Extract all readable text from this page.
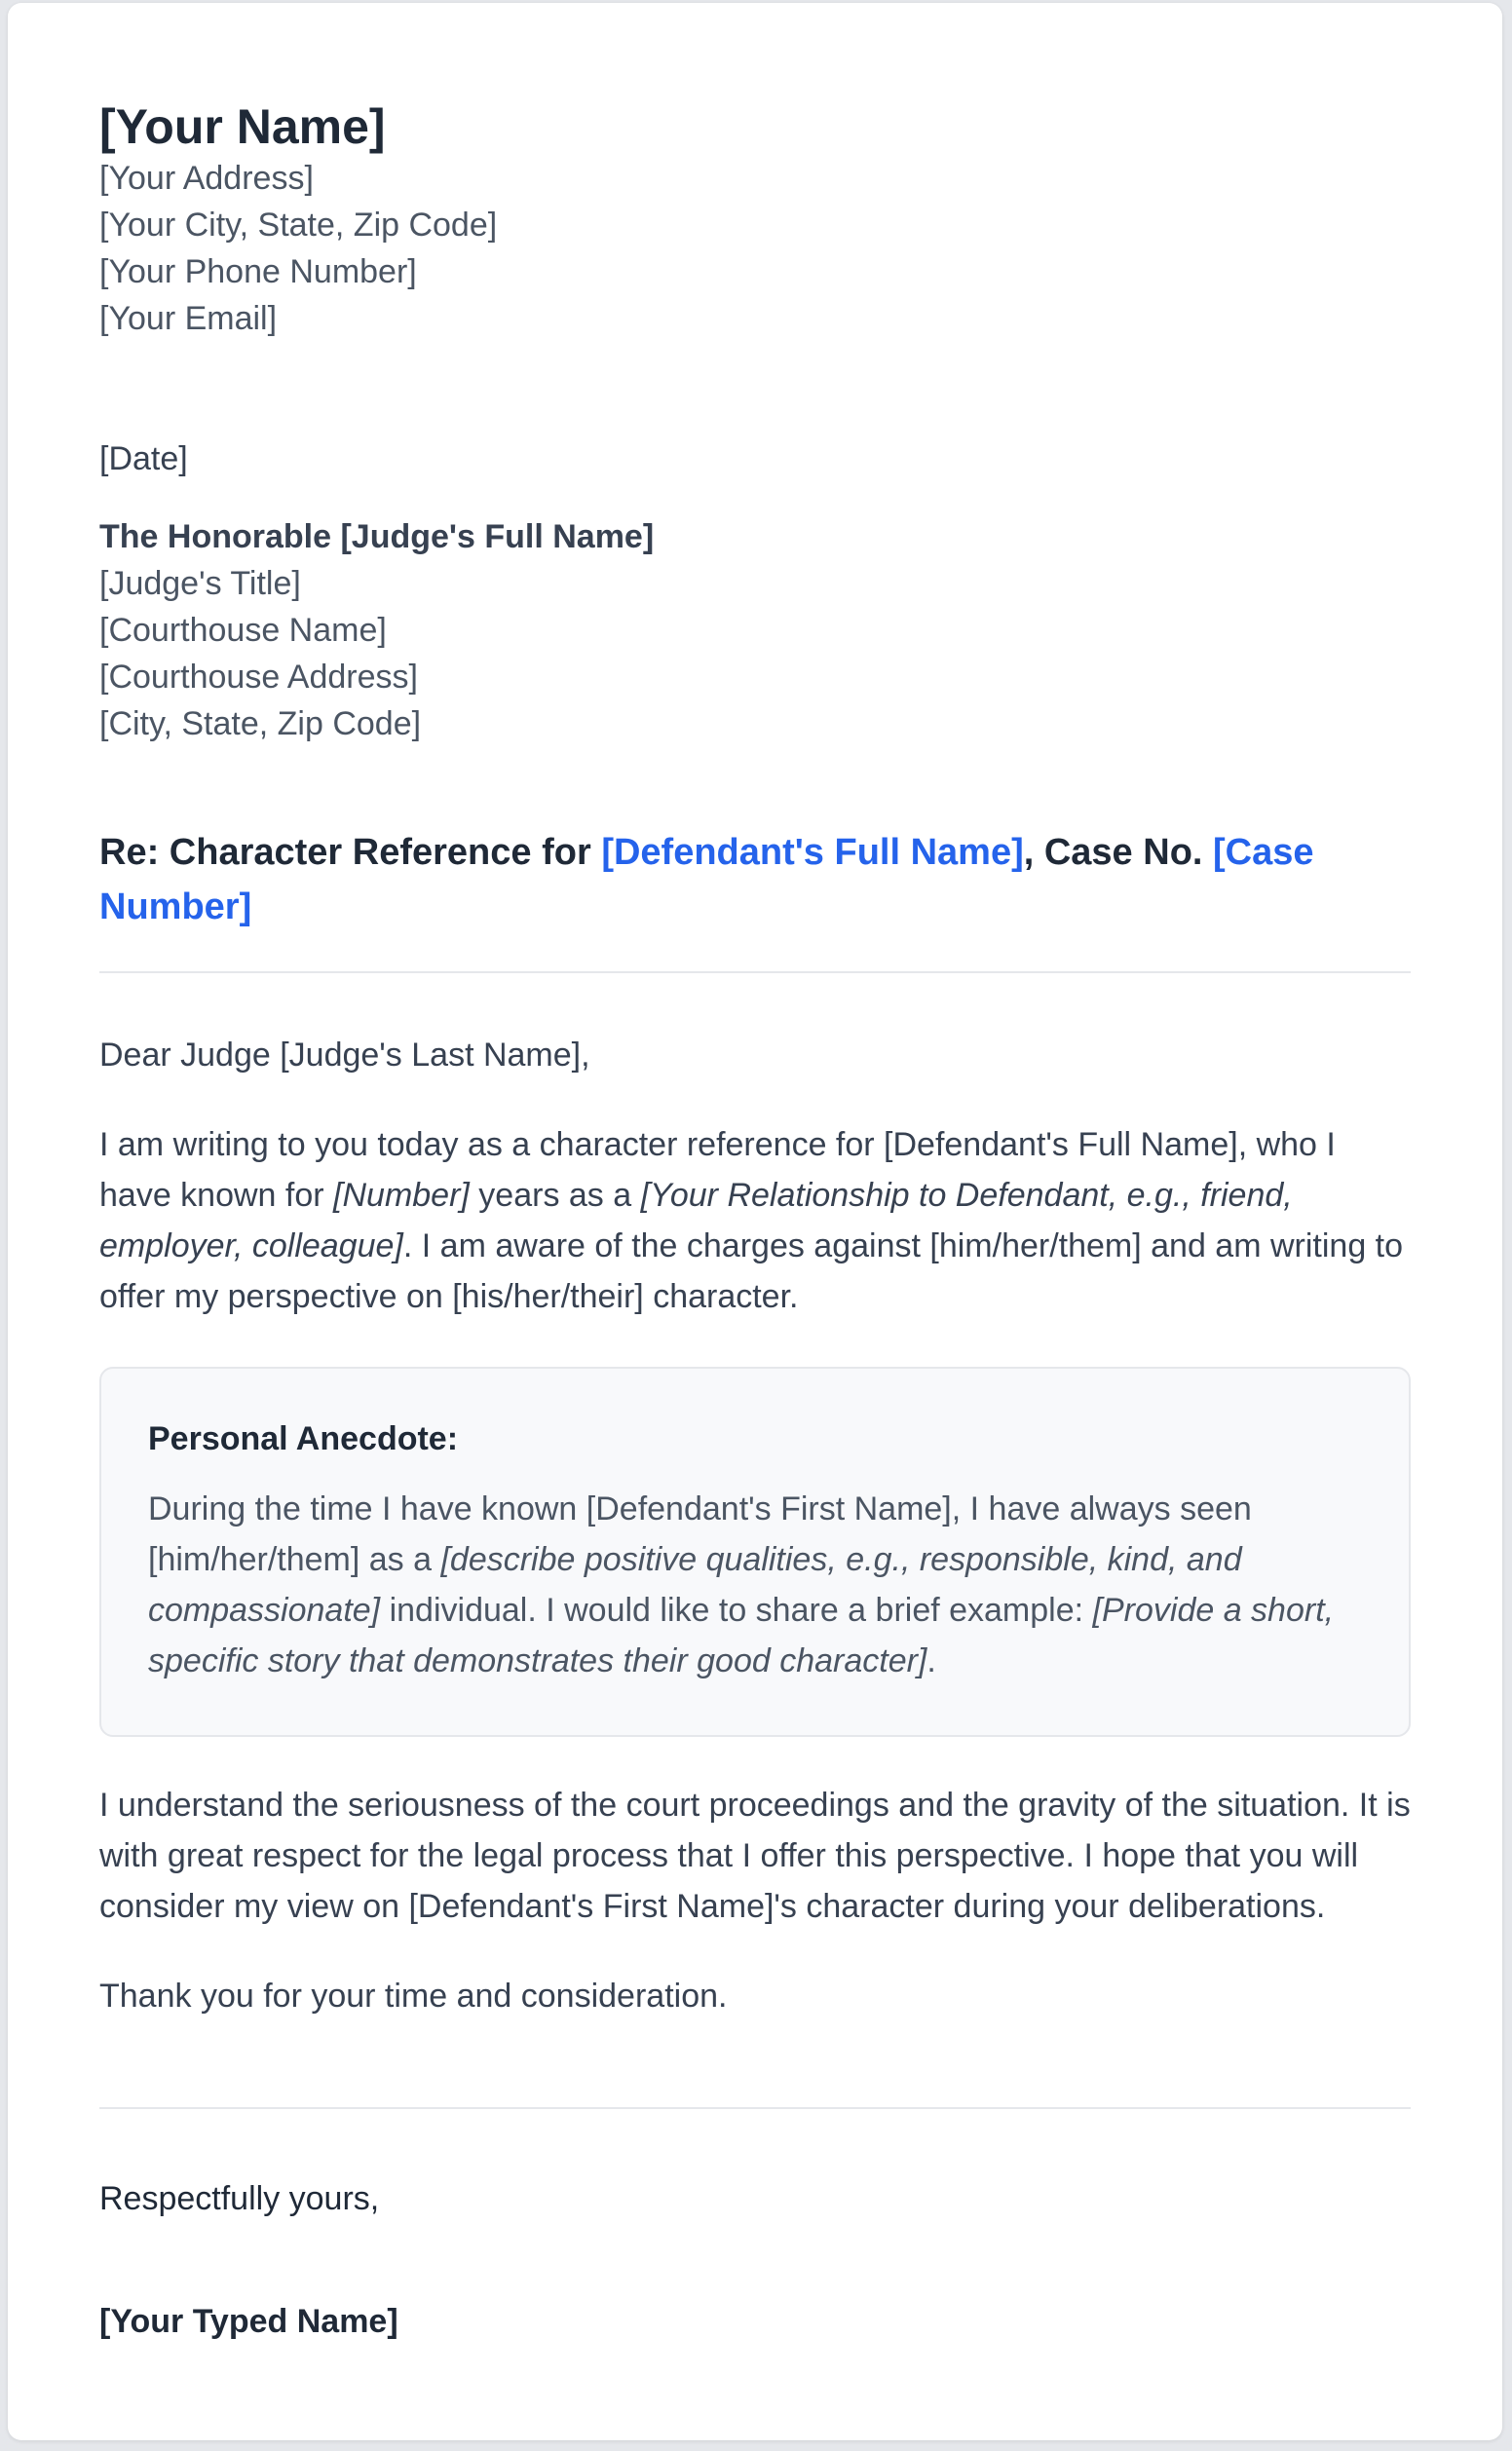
[Your Name]
[Your Address]
[Your City, State, Zip Code]
[Your Phone Number]
[Your Email]
[Date]
The Honorable [Judge's Full Name]
[Judge's Title]
[Courthouse Name]
[Courthouse Address]
[City, State, Zip Code]
Re: Character Reference for [Defendant's Full Name], Case No. [Case Number]

Dear Judge [Judge's Last Name],

I am writing to you today as a character reference for [Defendant's Full Name], who I have known for [Number] years as a [Your Relationship to Defendant, e.g., friend, employer, colleague]. I am aware of the charges against [him/her/them] and am writing to offer my perspective on [his/her/their] character.

Personal Anecdote:

During the time I have known [Defendant's First Name], I have always seen [him/her/them] as a [describe positive qualities, e.g., responsible, kind, and compassionate] individual. I would like to share a brief example: [Provide a short, specific story that demonstrates their good character].

I understand the seriousness of the court proceedings and the gravity of the situation. It is with great respect for the legal process that I offer this perspective. I hope that you will consider my view on [Defendant's First Name]'s character during your deliberations.

Thank you for your time and consideration.

Respectfully yours,

[Your Typed Name]
